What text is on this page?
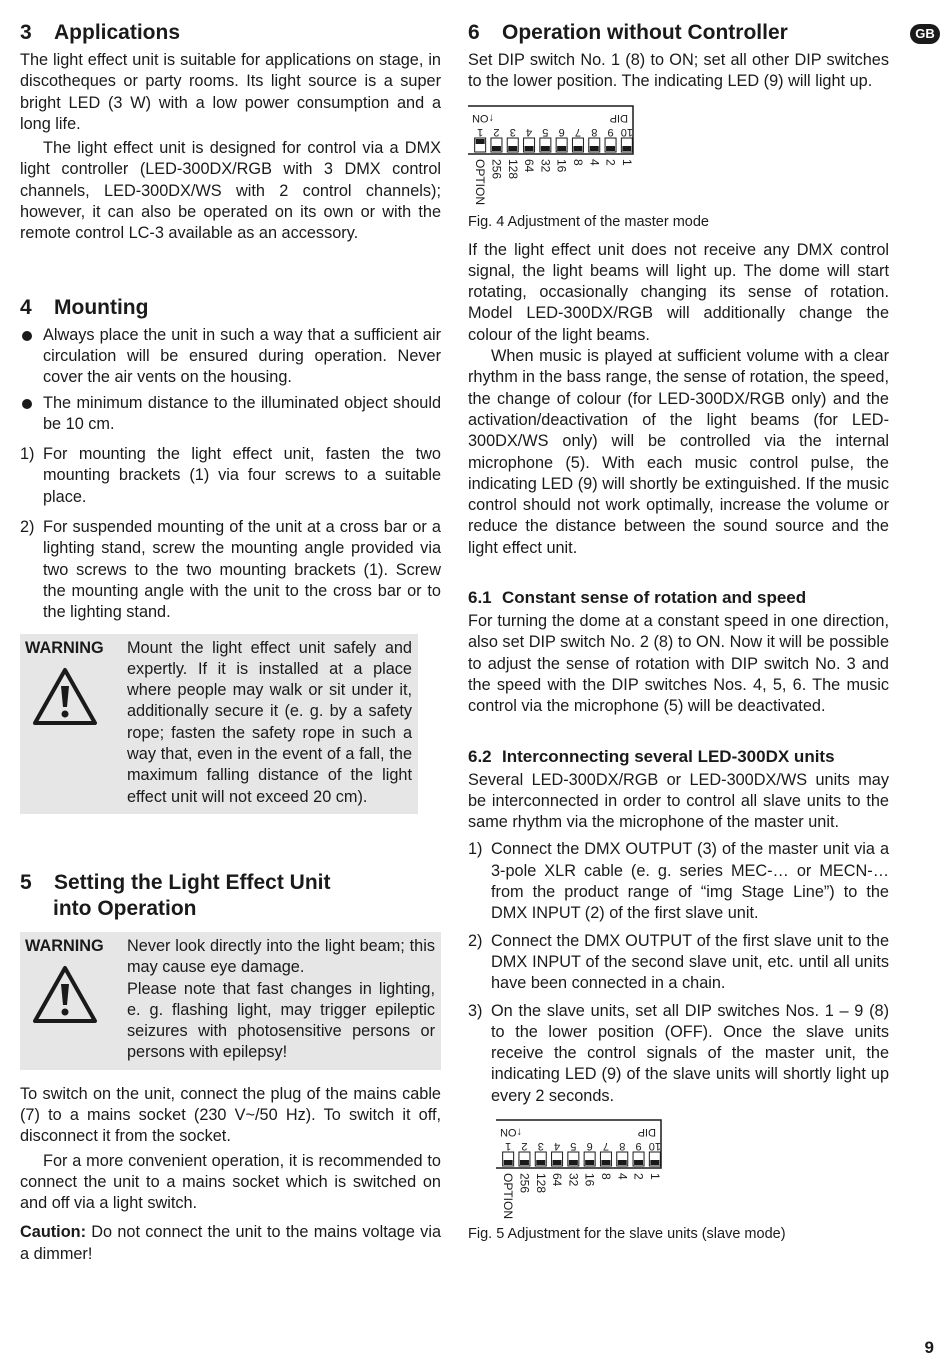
GB
3 Applications

The light effect unit is suitable for applications on stage, in discotheques or party rooms. Its light source is a super bright LED (3 W) with a low power consumption and a long life.

The light effect unit is designed for control via a DMX light controller (LED-300DX/RGB with 3 DMX control channels, LED-300DX/WS with 2 control channels); however, it can also be operated on its own or with the remote control LC-3 available as an accessory.

4 Mounting
Always place the unit in such a way that a sufficient air circulation will be ensured during operation. Never cover the air vents on the housing.
The minimum distance to the illuminated object should be 10 cm.
1) For mounting the light effect unit, fasten the two mounting brackets (1) via four screws to a suitable place.
2) For suspended mounting of the unit at a cross bar or a lighting stand, screw the mounting angle provided via two screws to the two mounting brackets (1). Screw the mounting angle with the unit to the cross bar or to the lighting stand.
WARNING Mount the light effect unit safely and expertly. If it is installed at a place where people may walk or sit under it, additionally secure it (e. g. by a safety rope; fasten the safety rope in such a way that, even in the event of a fall, the maximum falling distance of the light effect unit will not exceed 20 cm).

5 Setting the Light Effect Unit
into Operation
WARNING Never look directly into the light beam; this may cause eye damage.

Please note that fast changes in lighting, e. g. flashing light, may trigger epileptic seizures with photosensitive persons or persons with epilepsy!

To switch on the unit, connect the plug of the mains cable (7) to a mains socket (230 V~/50 Hz). To switch it off, disconnect it from the socket.

For a more convenient operation, it is recommended to connect the unit to a mains socket which is switched on and off via a light switch.

Caution: Do not connect the unit to the mains voltage via a dimmer!

6 Operation without Controller

Set DIP switch No. 1 (8) to ON; set all other DIP switches to the lower position. The indicating LED (9) will light up.

↑ON	DIP
1 2 3 4 5 6 7 8 9 10
1
2
4
8
16
32
64
128
256
OPTION
Fig. 4 Adjustment of the master mode

If the light effect unit does not receive any DMX control signal, the light beams will light up. The dome will start rotating, occasionally changing its sense of rotation. Model LED-300DX/RGB will additionally change the colour of the light beams.

When music is played at sufficient volume with a clear rhythm in the bass range, the sense of rotation, the speed, the change of colour (for LED-300DX/RGB only) and the activation/deactivation of the light beams (for LED-300DX/WS only) will be controlled via the internal microphone (5). With each music control pulse, the indicating LED (9) will shortly be extinguished. If the music control should not work optimally, increase the volume or reduce the distance between the sound source and the light effect unit.

6.1 Constant sense of rotation and speed

For turning the dome at a constant speed in one direction, also set DIP switch No. 2 (8) to ON. Now it will be possible to adjust the sense of rotation with DIP switch No. 3 and the speed with the DIP switches Nos. 4, 5, 6. The music control via the microphone (5) will be deactivated.

6.2 Interconnecting several LED-300DX units

Several LED-300DX/RGB or LED-300DX/WS units may be interconnected in order to control all slave units to the same rhythm via the microphone of the master unit.

1) Connect the DMX OUTPUT (3) of the master unit via a 3-pole XLR cable (e. g. series MEC-… or MECN-… from the product range of “img Stage Line”) to the DMX INPUT (2) of the first slave unit.
2) Connect the DMX OUTPUT of the first slave unit to the DMX INPUT of the second slave unit, etc. until all units have been connected in a chain.
3) On the slave units, set all DIP switches Nos. 1 – 9 (8) to the lower position (OFF). Once the slave units receive the control signals of the master unit, the indicating LED (9) of the slave units will shortly light up every 2 seconds.
↑ON	DIP
1 2 3 4 5 6 7 8 9 10
1
2
4
8
16
32
64
128
256
OPTION
Fig. 5 Adjustment for the slave units (slave mode)
9
